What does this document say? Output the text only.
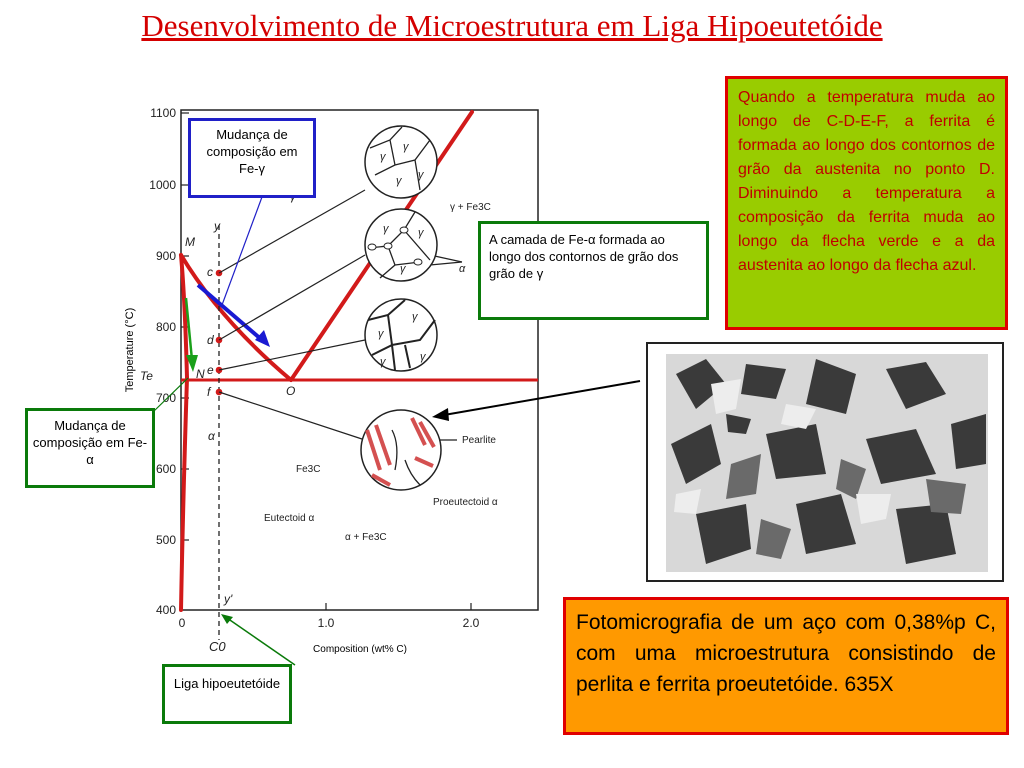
Desenvolvimento de Microestrutura em Liga Hipoeutetóide
1100
1000
900
800
700
600
500
400
0	1.0	2.0
Temperature (°C)
Composition (wt% C)
M
N
O
Te
c
d
e
f
y
y'
C0
α
γ + Fe3C
α + Fe3C
Pearlite
Fe3C
Proeutectoid α
Eutectoid α
γ
γ
γ
γ
γ	γ
γ	α
γ
γ
γ
γ
Mudança de composição em Fe-γ
A camada de Fe-α formada ao longo dos contornos de grão dos grão de γ
Mudança de composição em Fe-α
Liga hipoeutetóide
Quando a temperatura muda ao longo de C-D-E-F, a ferrita é formada ao longo dos contornos de grão da austenita no ponto D. Diminuindo a temperatura a composição da ferrita muda ao longo da flecha verde e a da austenita ao longo da flecha azul.
Fotomicrografia de um aço com 0,38%p C, com uma microestrutura consistindo de perlita e ferrita proeutetóide. 635X
